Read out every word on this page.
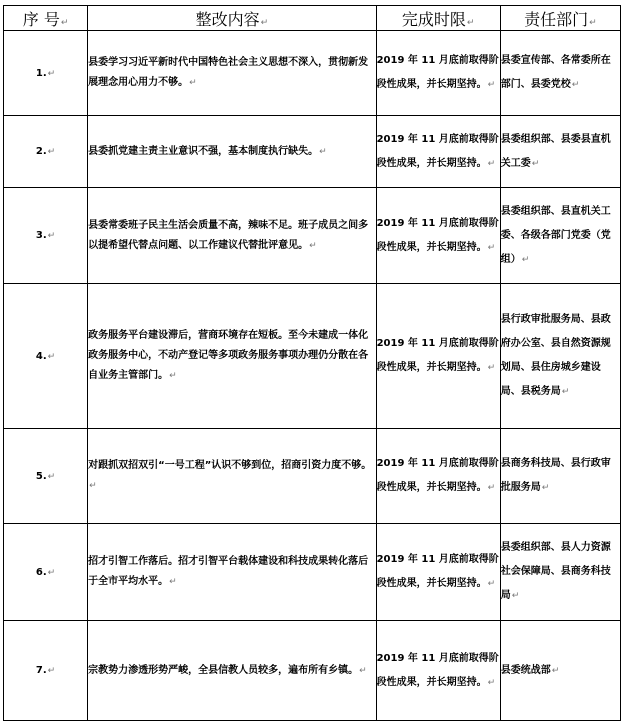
序 号↵	整改内容↵	完成时限↵	责任部门↵
1.↵	县委学习习近平新时代中国特色社会主义思想不深入，贯彻新发展理念用心用力不够。↵	2019 年 11 月底前取得阶段性成果，并长期坚持。↵	县委宣传部、各常委所在部门、县委党校↵
2.↵	县委抓党建主责主业意识不强，基本制度执行缺失。↵	2019 年 11 月底前取得阶段性成果，并长期坚持。↵	县委组织部、县委县直机关工委↵
3.↵	县委常委班子民主生活会质量不高，辣味不足。班子成员之间多以提希望代替点问题、以工作建议代替批评意见。↵	2019 年 11 月底前取得阶段性成果，并长期坚持。↵	县委组织部、县直机关工委、各级各部门党委（党组）↵
4.↵	政务服务平台建设滞后，营商环境存在短板。至今未建成一体化政务服务中心，不动产登记等多项政务服务事项办理仍分散在各自业务主管部门。↵	2019 年 11 月底前取得阶段性成果，并长期坚持。↵	县行政审批服务局、县政府办公室、县自然资源规划局、县住房城乡建设局、县税务局↵
5.↵	对跟抓双招双引“一号工程”认识不够到位，招商引资力度不够。↵	2019 年 11 月底前取得阶段性成果，并长期坚持。↵	县商务科技局、县行政审批服务局↵
6.↵	招才引智工作落后。招才引智平台载体建设和科技成果转化落后于全市平均水平。↵	2019 年 11 月底前取得阶段性成果，并长期坚持。↵	县委组织部、县人力资源社会保障局、县商务科技局↵
7.↵	宗教势力渗透形势严峻，全县信教人员较多，遍布所有乡镇。↵	2019 年 11 月底前取得阶段性成果，并长期坚持。↵	县委统战部↵
